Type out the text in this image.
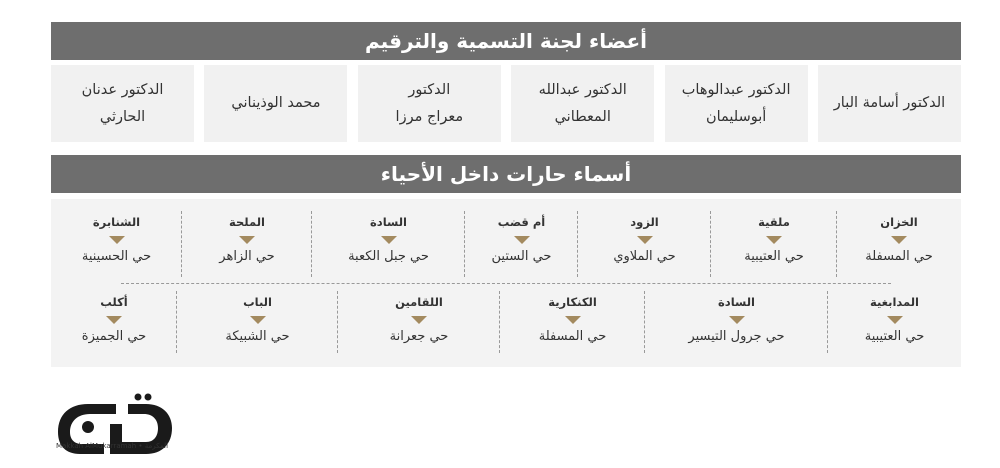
أعضاء لجنة التسمية والترقيم
الدكتور أسامة البار
الدكتور عبدالوهاب
أبوسليمان
الدكتور عبدالله
المعطاني
الدكتور
معراج مرزا
محمد الوذيناني
الدكتور عدنان
الحارثي
أسماء حارات داخل الأحياء
الخزان
حي المسفلة
ملقية
حي العتيبية
الزود
حي الملاوي
أم قضب
حي الستين
السادة
حي جبل الكعبة
الملحة
حي الزاهر
الشنابرة
حي الحسينية
المدابغية
حي العتيبية
السادة
حي جرول التيسير
الكنكارية
حي المسفلة
اللقامين
حي جعرانة
الباب
حي الشبيكة
أكلب
حي الجميزة
Makkah AlMukarramah • المكرمة
